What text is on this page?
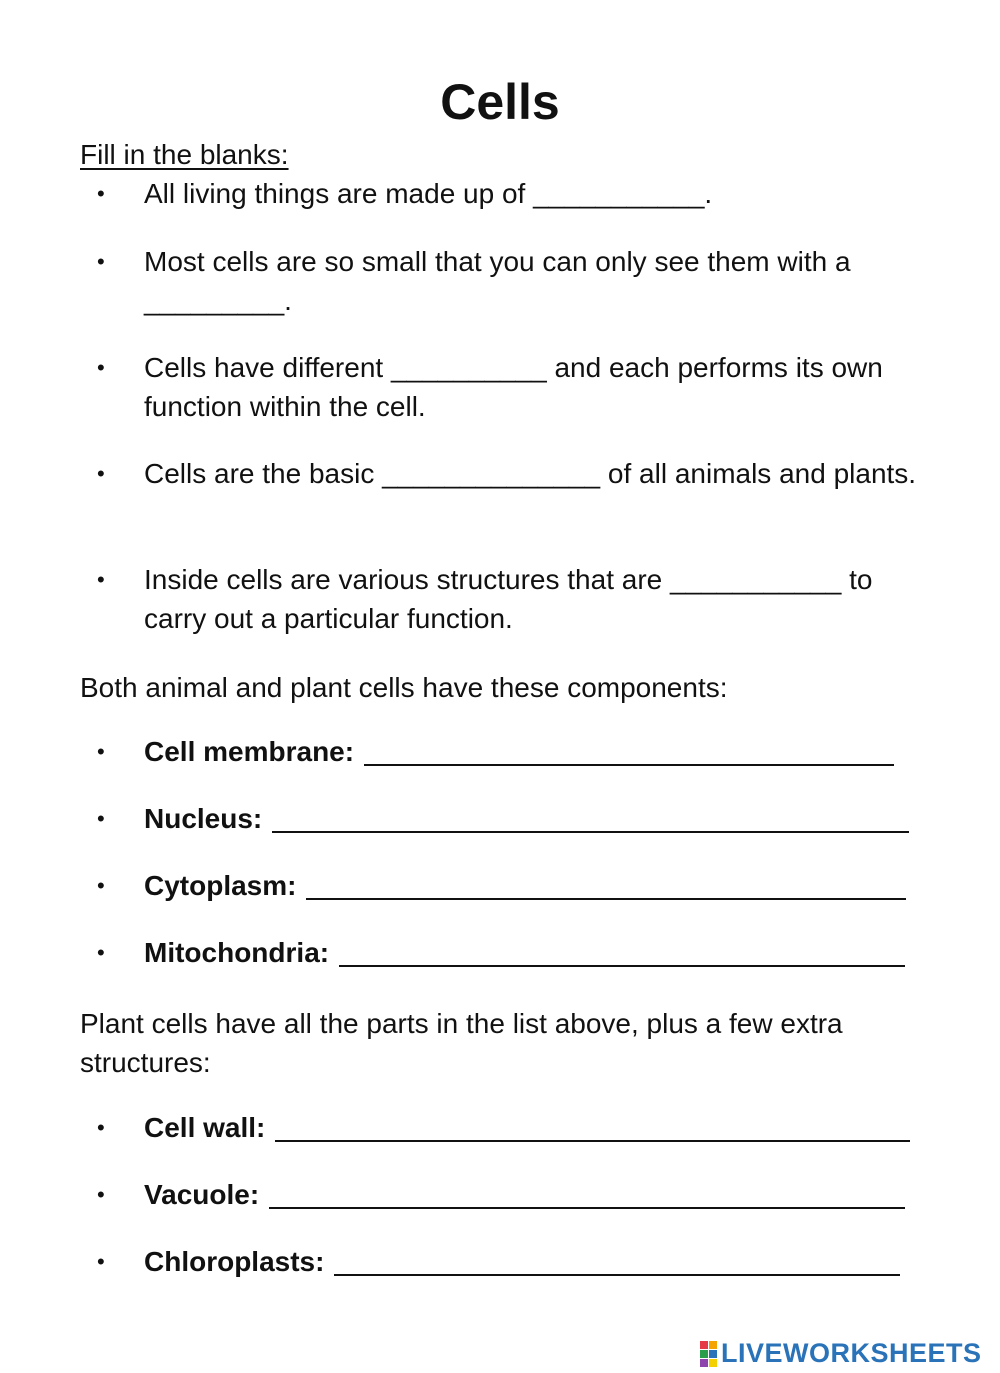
Cells
Fill in the blanks:
•	All living things are made up of ___________.
•	Most cells are so small that you can only see them with a _________.
•	Cells have different __________ and each performs its own function within the cell.
•	Cells are the basic ______________ of all animals and plants.
•	Inside cells are various structures that are ___________ to carry out a particular function.
Both animal and plant cells have these components:
•	Cell membrane:
•	Nucleus:
•	Cytoplasm:
•	Mitochondria:
Plant cells have all the parts in the list above, plus a few extra structures:
•	Cell wall:
•	Vacuole:
•	Chloroplasts:
LIVEWORKSHEETS
